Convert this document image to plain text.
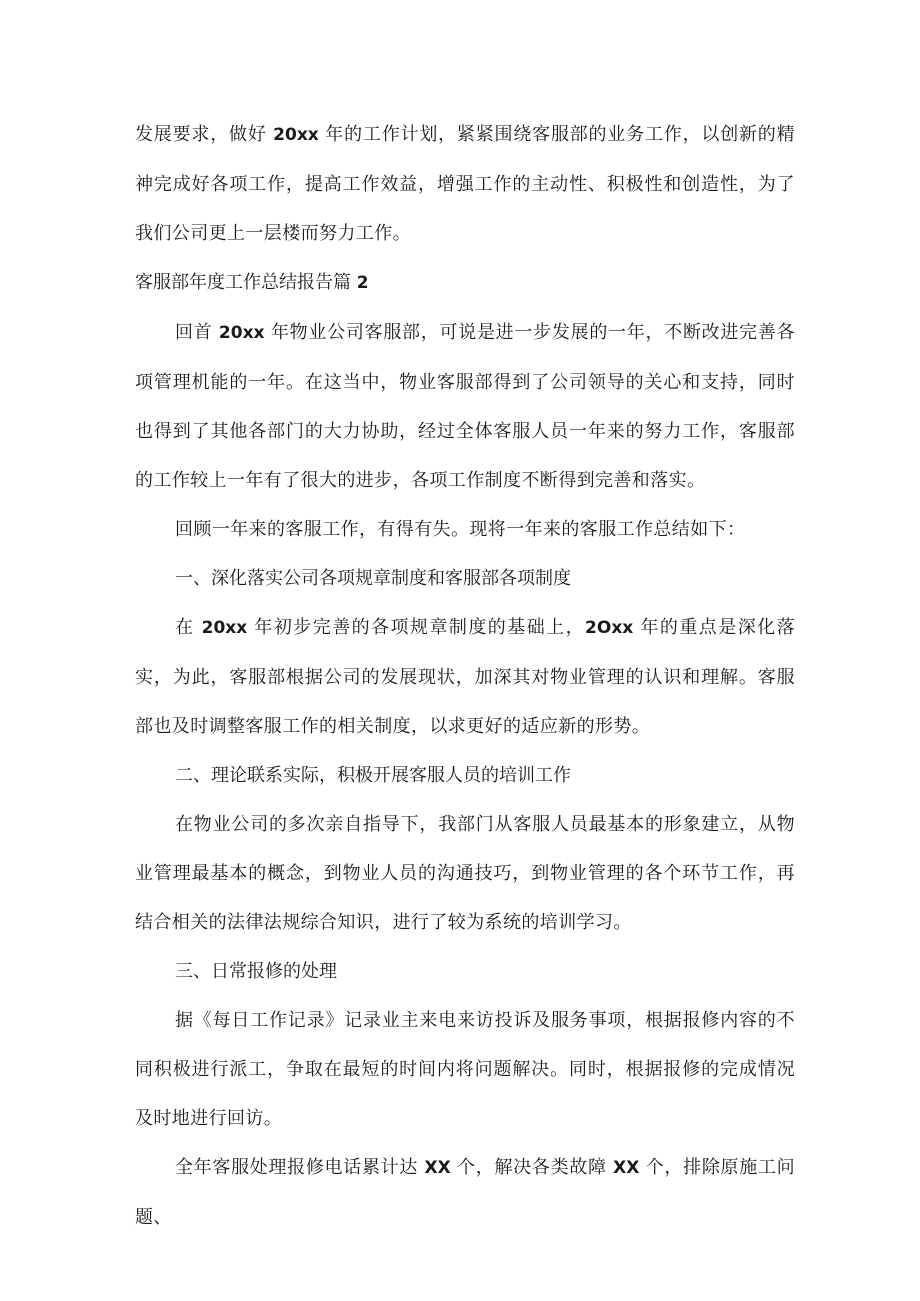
发展要求，做好 20xx 年的工作计划，紧紧围绕客服部的业务工作，以创新的精神完成好各项工作，提高工作效益，增强工作的主动性、积极性和创造性，为了我们公司更上一层楼而努力工作。

客服部年度工作总结报告篇 2

回首 20xx 年物业公司客服部，可说是进一步发展的一年，不断改进完善各项管理机能的一年。在这当中，物业客服部得到了公司领导的关心和支持，同时也得到了其他各部门的大力协助，经过全体客服人员一年来的努力工作，客服部的工作较上一年有了很大的进步，各项工作制度不断得到完善和落实。

回顾一年来的客服工作，有得有失。现将一年来的客服工作总结如下：

一、深化落实公司各项规章制度和客服部各项制度

在 20xx 年初步完善的各项规章制度的基础上，2Oxx 年的重点是深化落实，为此，客服部根据公司的发展现状，加深其对物业管理的认识和理解。客服部也及时调整客服工作的相关制度，以求更好的适应新的形势。

二、理论联系实际，积极开展客服人员的培训工作

在物业公司的多次亲自指导下，我部门从客服人员最基本的形象建立，从物业管理最基本的概念，到物业人员的沟通技巧，到物业管理的各个环节工作，再结合相关的法律法规综合知识，进行了较为系统的培训学习。

三、日常报修的处理

据《每日工作记录》记录业主来电来访投诉及服务事项，根据报修内容的不同积极进行派工，争取在最短的时间内将问题解决。同时，根据报修的完成情况及时地进行回访。

全年客服处理报修电话累计达 XX 个，解决各类故障 XX 个，排除原施工问题、
